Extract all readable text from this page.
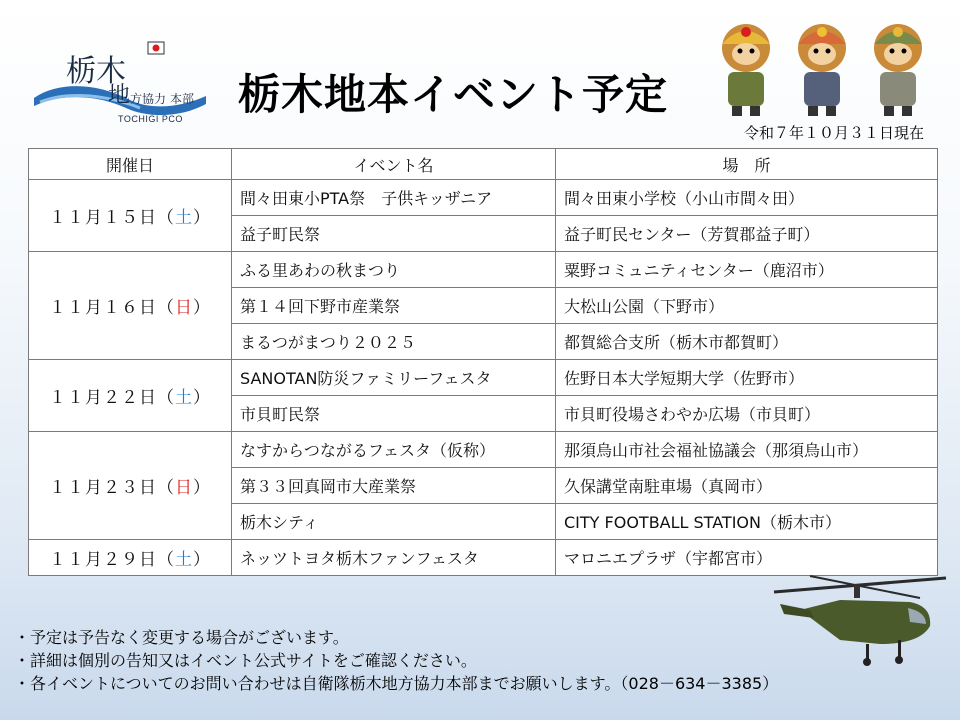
栃木
地 方協力 本部
TOCHIGI PCO 栃木地本イベント予定
令和７年１０月３１日現在
開催日	イベント名	場　所
１１月１５日（土）	間々田東小PTA祭　子供キッザニア	間々田東小学校（小山市間々田）
	益子町民祭	益子町民センター（芳賀郡益子町）
１１月１６日（日）	ふる里あわの秋まつり	粟野コミュニティセンター（鹿沼市）
	第１４回下野市産業祭	大松山公園（下野市）
	まるつがまつり２０２５	都賀総合支所（栃木市都賀町）
１１月２２日（土）	SANOTAN防災ファミリーフェスタ	佐野日本大学短期大学（佐野市）
	市貝町民祭	市貝町役場さわやか広場（市貝町）
１１月２３日（日）	なすからつながるフェスタ（仮称）	那須烏山市社会福祉協議会（那須烏山市）
	第３３回真岡市大産業祭	久保講堂南駐車場（真岡市）
	栃木シティ	CITY FOOTBALL STATION（栃木市）
１１月２９日（土）	ネッツトヨタ栃木ファンフェスタ	マロニエプラザ（宇都宮市）
・予定は予告なく変更する場合がございます。
・詳細は個別の告知又はイベント公式サイトをご確認ください。
・各イベントについてのお問い合わせは自衛隊栃木地方協力本部までお願いします。（028－634－3385）
